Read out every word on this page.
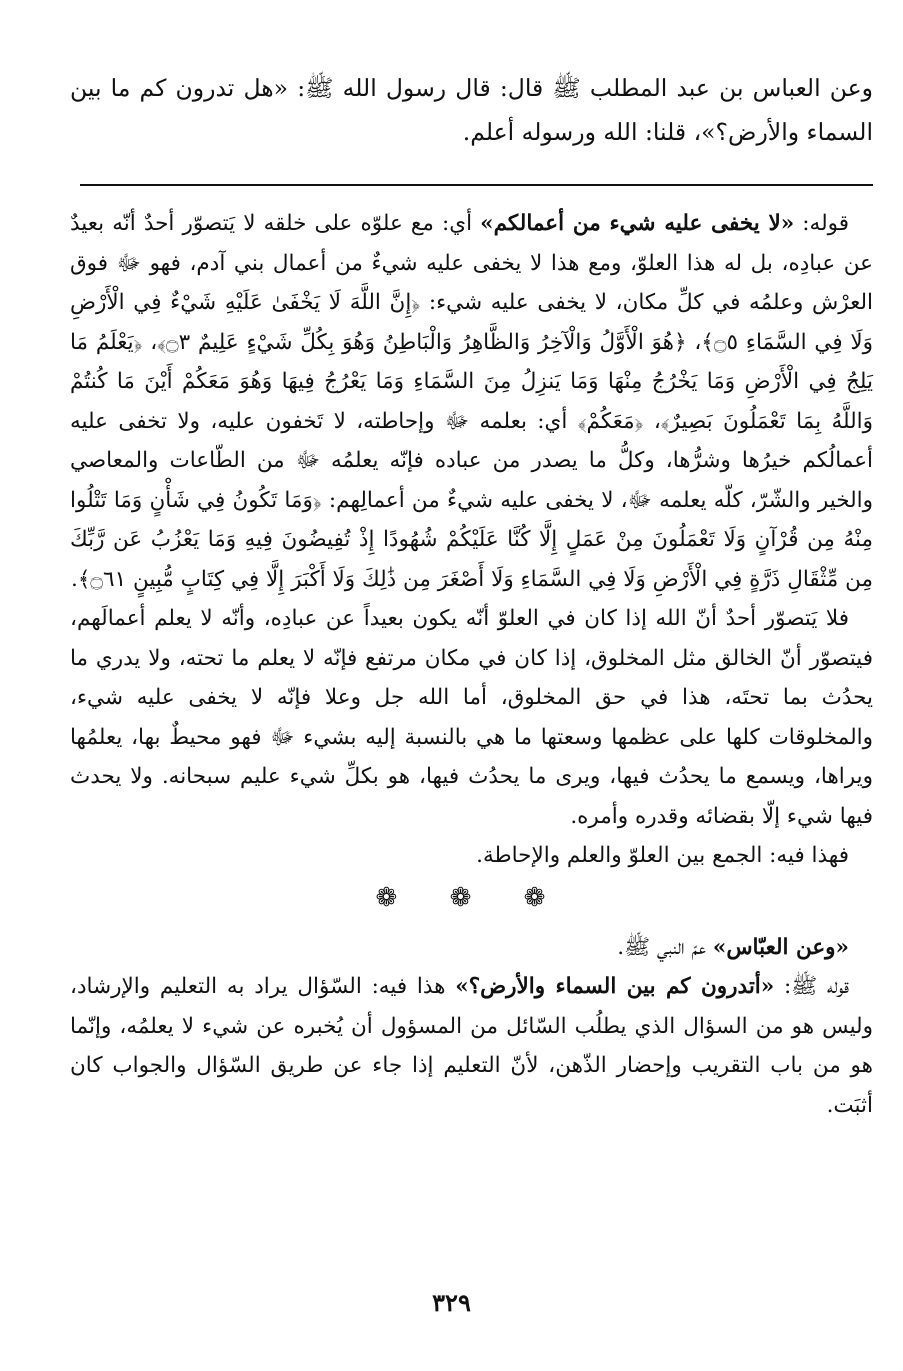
وعن العباس بن عبد المطلب ﷺ قال: قال رسول الله ﷺ: «هل تدرون كم ما بين السماء والأرض؟»، قلنا: الله ورسوله أعلم.

قوله: «لا يخفى عليه شيء من أعمالكم» أي: مع علوّه على خلقه لا يَتصوّر أحدٌ أنّه بعيدٌ عن عبادِه، بل له هذا العلوّ، ومع هذا لا يخفى عليه شيءٌ من أعمال بني آدم، فهو ﷻ فوق العرْش وعلمُه في كلِّ مكان، لا يخفى عليه شيء: ﴿إِنَّ اللَّهَ لَا يَخْفَىٰ عَلَيْهِ شَيْءٌ فِي الْأَرْضِ وَلَا فِي السَّمَاءِ ۝٥﴾، ﴿هُوَ الْأَوَّلُ وَالْآخِرُ وَالظَّاهِرُ وَالْبَاطِنُ وَهُوَ بِكُلِّ شَيْءٍ عَلِيمٌ ۝٣﴾، ﴿يَعْلَمُ مَا يَلِجُ فِي الْأَرْضِ وَمَا يَخْرُجُ مِنْهَا وَمَا يَنزِلُ مِنَ السَّمَاءِ وَمَا يَعْرُجُ فِيهَا وَهُوَ مَعَكُمْ أَيْنَ مَا كُنتُمْ وَاللَّهُ بِمَا تَعْمَلُونَ بَصِيرٌ﴾، ﴿مَعَكُمْ﴾ أي: بعلمه ﷻ وإحاطته، لا تَخفون عليه، ولا تخفى عليه أعمالُكم خيرُها وشرُّها، وكلُّ ما يصدر من عباده فإنّه يعلمُه ﷻ من الطّاعات والمعاصي والخير والشّرّ، كلّه يعلمه ﷻ، لا يخفى عليه شيءٌ من أعمالِهم: ﴿وَمَا تَكُونُ فِي شَأْنٍ وَمَا تَتْلُوا مِنْهُ مِن قُرْآنٍ وَلَا تَعْمَلُونَ مِنْ عَمَلٍ إِلَّا كُنَّا عَلَيْكُمْ شُهُودًا إِذْ تُفِيضُونَ فِيهِ وَمَا يَعْزُبُ عَن رَّبِّكَ مِن مِّثْقَالِ ذَرَّةٍ فِي الْأَرْضِ وَلَا فِي السَّمَاءِ وَلَا أَصْغَرَ مِن ذَٰلِكَ وَلَا أَكْبَرَ إِلَّا فِي كِتَابٍ مُّبِينٍ ۝٦١﴾.

فلا يَتصوّر أحدٌ أنّ الله إذا كان في العلوّ أنّه يكون بعيداً عن عبادِه، وأنّه لا يعلم أعمالَهم، فيتصوّر أنّ الخالق مثل المخلوق، إذا كان في مكان مرتفع فإنّه لا يعلم ما تحته، ولا يدري ما يحدُث بما تحتَه، هذا في حق المخلوق، أما الله جل وعلا فإنّه لا يخفى عليه شيء، والمخلوقات كلها على عظمها وسعتها ما هي بالنسبة إليه بشيء ﷻ فهو محيطٌ بها، يعلمُها ويراها، ويسمع ما يحدُث فيها، ويرى ما يحدُث فيها، هو بكلِّ شيء عليم سبحانه. ولا يحدث فيها شيء إلّا بقضائه وقدره وأمره.

فهذا فيه: الجمع بين العلوّ والعلم والإحاطة.

❁ ❁ ❁

«وعن العبّاس» عمّ النبي ﷺ.

قوله ﷺ: «أتدرون كم بين السماء والأرض؟» هذا فيه: السّؤال يراد به التعليم والإرشاد، وليس هو من السؤال الذي يطلُب السّائل من المسؤول أن يُخبره عن شيء لا يعلمُه، وإنّما هو من باب التقريب وإحضار الذّهن، لأنّ التعليم إذا جاء عن طريق السّؤال والجواب كان أثبَت.

٣٢٩
